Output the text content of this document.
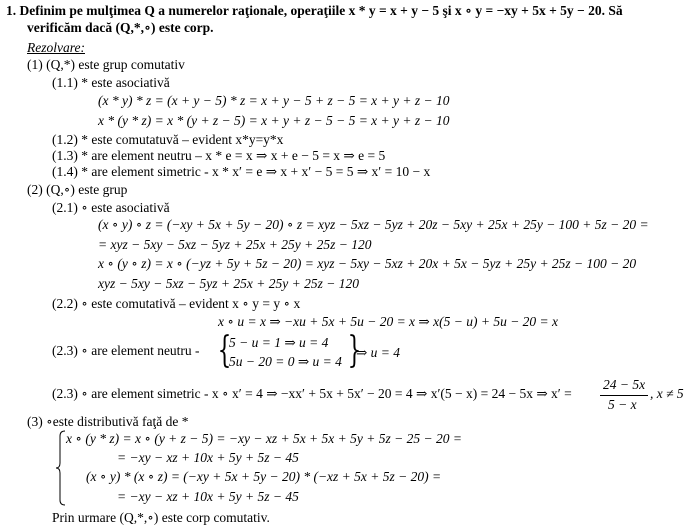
1. Definim pe mulţimea Q a numerelor raţionale, operaţiile x * y = x + y − 5 şi x ∘ y = −xy + 5x + 5y − 20. Să
verificăm dacă (Q,*,∘) este corp.
Rezolvare:
(1) (Q,*) este grup comutativ
(1.1) * este asociativă
(x * y) * z = (x + y − 5) * z = x + y − 5 + z − 5 = x + y + z − 10
x * (y * z) = x * (y + z − 5) = x + y + z − 5 − 5 = x + y + z − 10
(1.2) * este comutatuvă – evident x*y=y*x
(1.3) * are element neutru – x * e = x ⇒ x + e − 5 = x ⇒ e = 5
(1.4) * are element simetric - x * x′ = e ⇒ x + x′ − 5 = 5 ⇒ x′ = 10 − x
(2) (Q,∘) este grup
(2.1) ∘ este asociativă
(x ∘ y) ∘ z = (−xy + 5x + 5y − 20) ∘ z = xyz − 5xz − 5yz + 20z − 5xy + 25x + 25y − 100 + 5z − 20 =
= xyz − 5xy − 5xz − 5yz + 25x + 25y + 25z − 120
x ∘ (y ∘ z) = x ∘ (−yz + 5y + 5z − 20) = xyz − 5xy − 5xz + 20x + 5x − 5yz + 25y + 25z − 100 − 20
xyz − 5xy − 5xz − 5yz + 25x + 25y + 25z − 120
(2.2) ∘ este comutativă – evident x ∘ y = y ∘ x
x ∘ u = x ⇒ −xu + 5x + 5u − 20 = x ⇒ x(5 − u) + 5u − 20 = x
(2.3) ∘ are element neutru - {
5 − u = 1 ⇒ u = 4
5u − 20 = 0 ⇒ u = 4 }
⇒ u = 4
(2.3) ∘ are element simetric - x ∘ x′ = 4 ⇒ −xx′ + 5x + 5x′ − 20 = 4 ⇒ x′(5 − x) = 24 − 5x ⇒ x′ =
24 − 5x
5 − x
, x ≠ 5
(3) ∘este distributivă faţă de *
x ∘ (y * z) = x ∘ (y + z − 5) = −xy − xz + 5x + 5x + 5y + 5z − 25 − 20 =
= −xy − xz + 10x + 5y + 5z − 45
(x ∘ y) * (x ∘ z) = (−xy + 5x + 5y − 20) * (−xz + 5x + 5z − 20) =
= −xy − xz + 10x + 5y + 5z − 45
Prin urmare (Q,*,∘) este corp comutativ.
